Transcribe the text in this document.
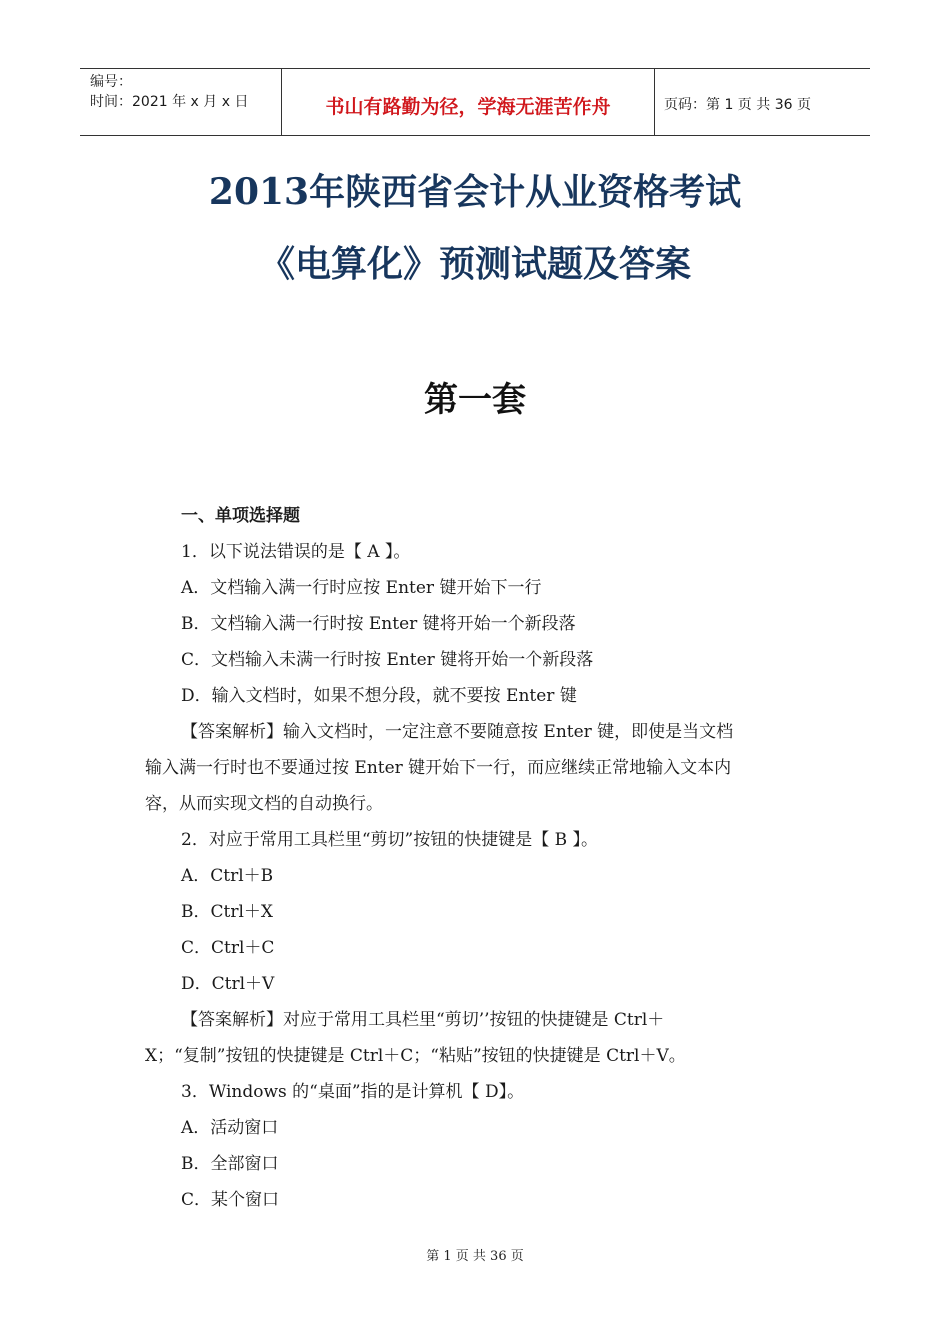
编号：
时间：2021 年 x 月 x 日	书山有路勤为径，学海无涯苦作舟	页码：第 1 页 共 36 页
2013年陕西省会计从业资格考试
《电算化》预测试题及答案
第一套
一、单项选择题
1．以下说法错误的是【 A 】。
A．文档输入满一行时应按 Enter 键开始下一行
B．文档输入满一行时按 Enter 键将开始一个新段落
C．文档输入未满一行时按 Enter 键将开始一个新段落
D．输入文档时，如果不想分段，就不要按 Enter 键
【答案解析】输入文档时，一定注意不要随意按 Enter 键，即使是当文档
输入满一行时也不要通过按 Enter 键开始下一行，而应继续正常地输入文本内
容，从而实现文档的自动换行。
2．对应于常用工具栏里“剪切”按钮的快捷键是【 B 】。
A．Ctrl＋B
B．Ctrl＋X
C．Ctrl＋C
D．Ctrl＋V
【答案解析】对应于常用工具栏里“剪切’’按钮的快捷键是 Ctrl＋
X；“复制”按钮的快捷键是 Ctrl＋C；“粘贴”按钮的快捷键是 Ctrl＋V。
3．Windows 的“桌面”指的是计算机【 D】。
A．活动窗口
B．全部窗口
C．某个窗口
第 1 页 共 36 页
